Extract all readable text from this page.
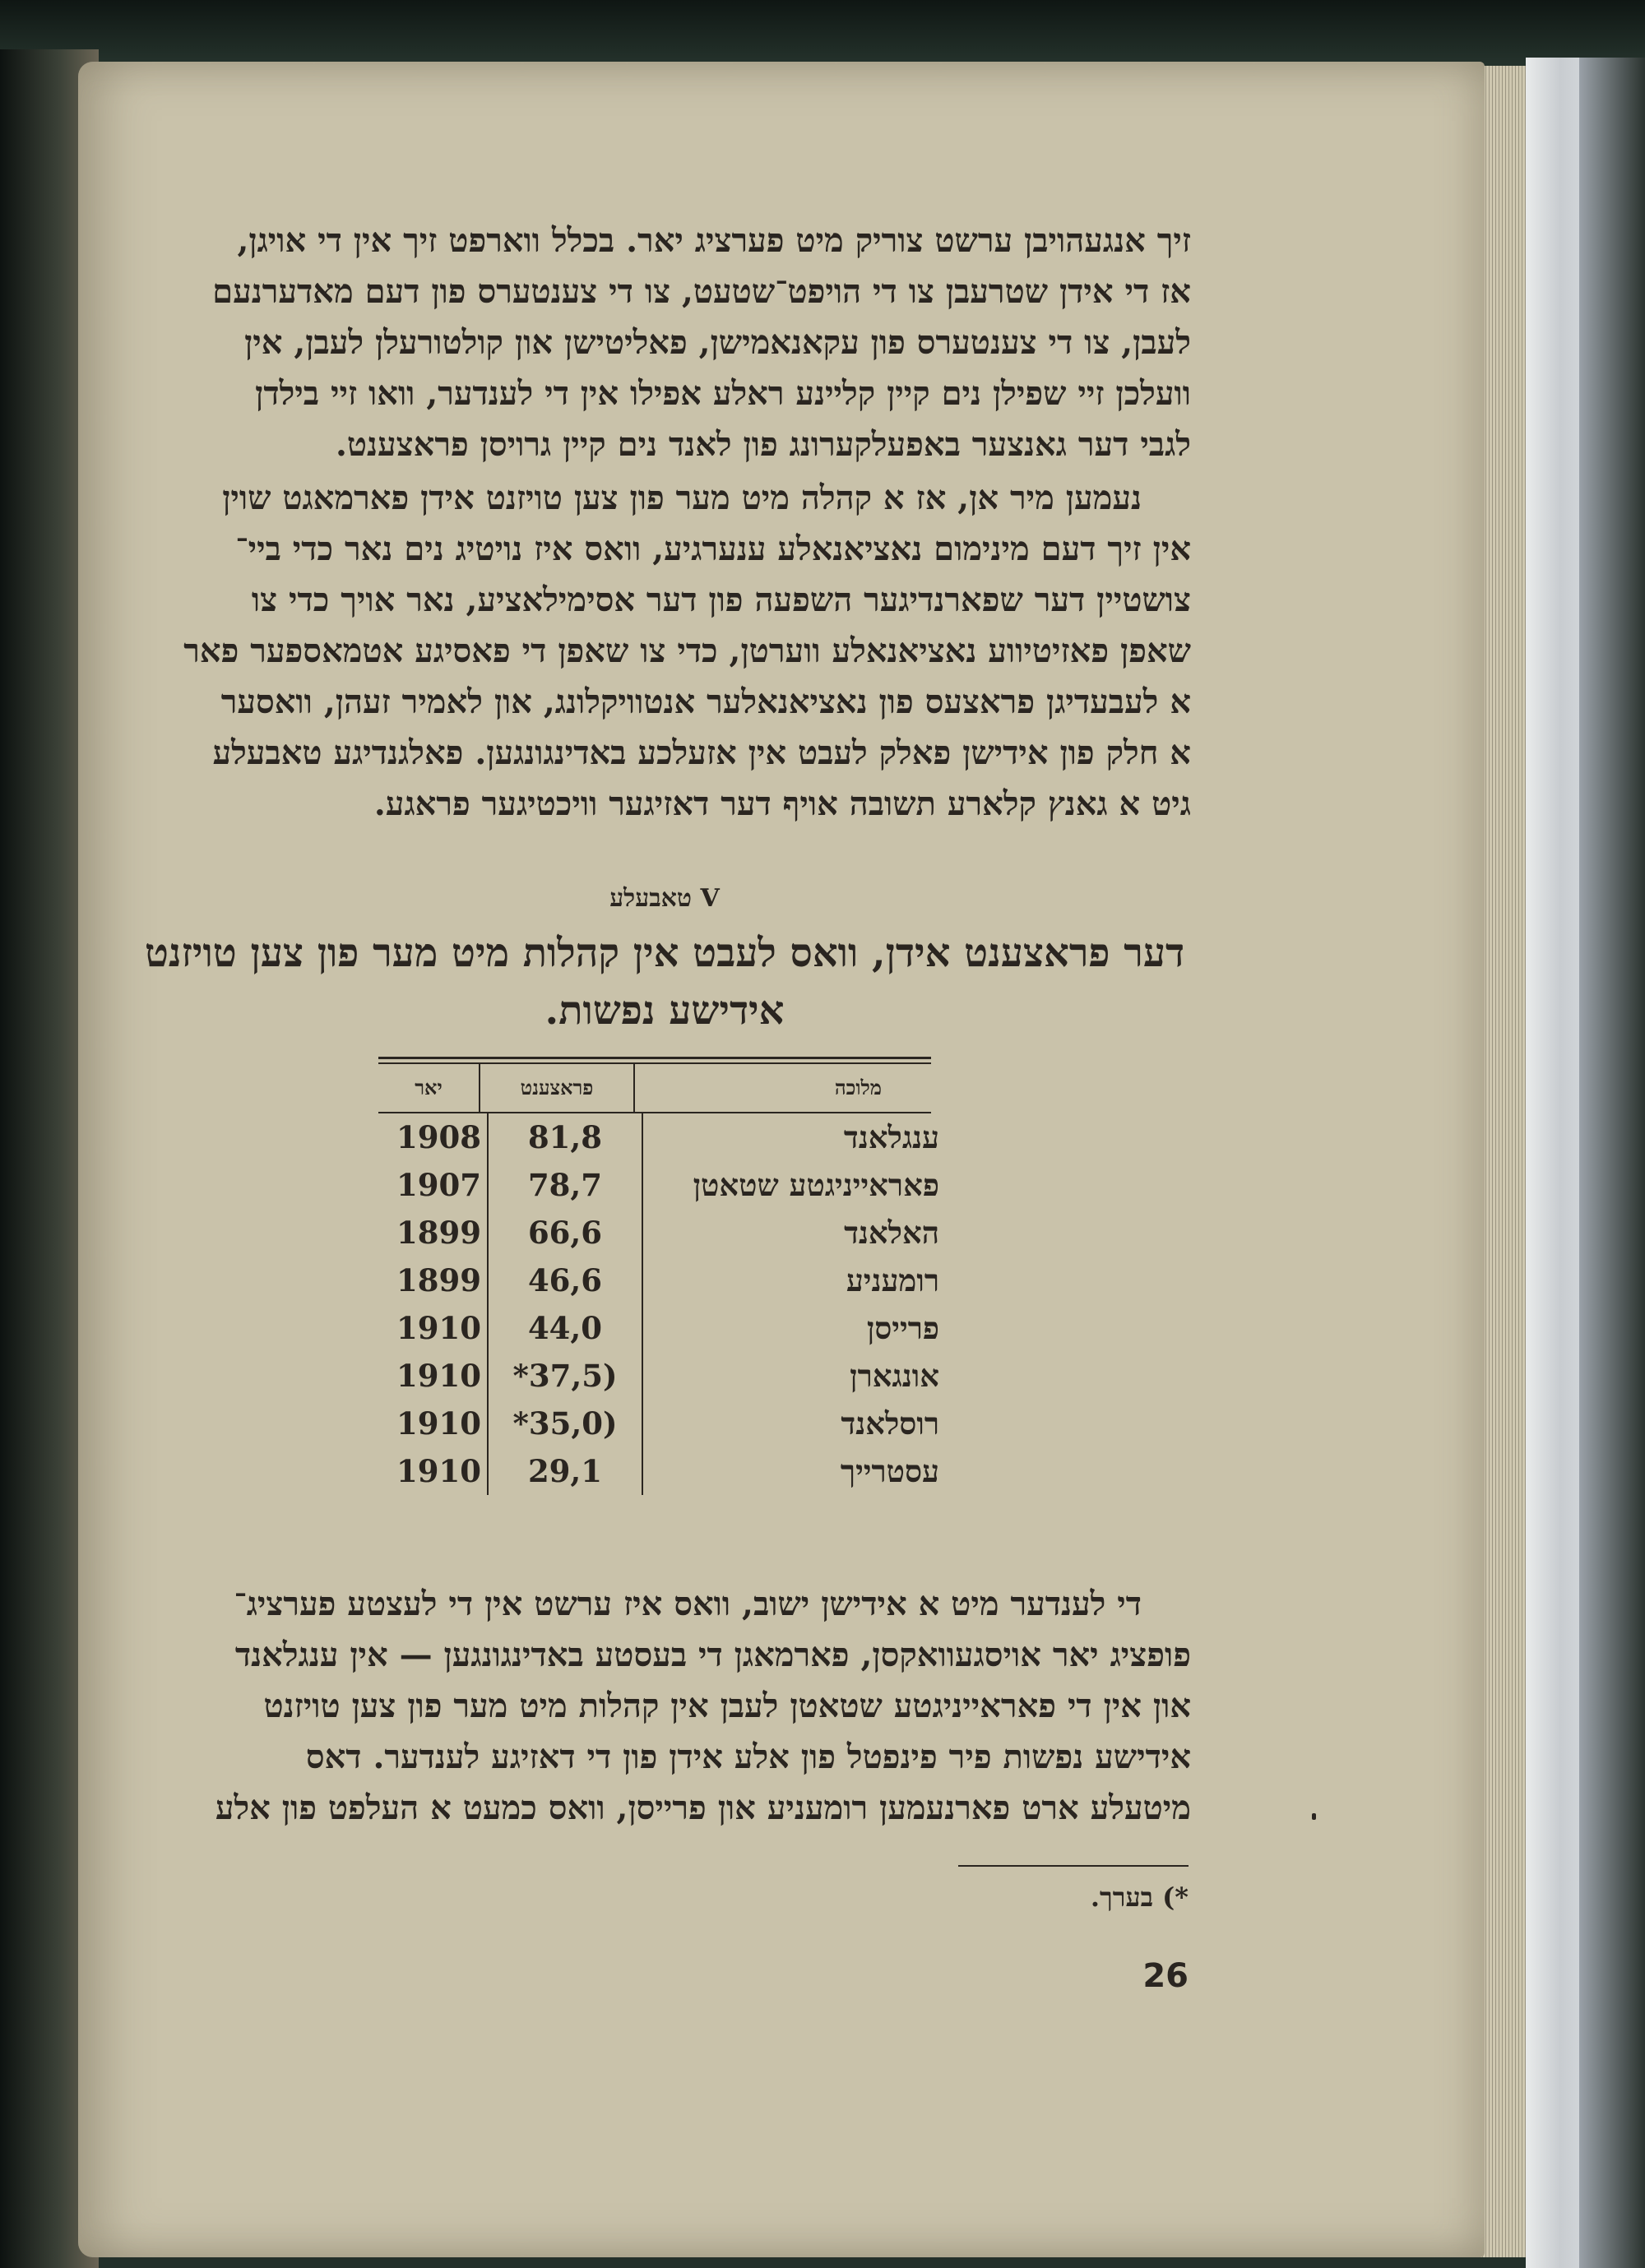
זיך אנגעהויבן ערשט צוריק מיט פערציג יאר. בכלל ווארפט זיך אין די אויגן,

אז די אידן שטרעבן צו די הויפט־שטעט, צו די צענטערס פון דעם מאדערנעם

לעבן, צו די צענטערס פון עקאנאמישן, פאליטישן און קולטורעלן לעבן, אין

וועלכן זיי שפילן נים קיין קליינע ראלע אפילו אין די לענדער, וואו זיי בילדן

לגבי דער גאנצער באפעלקערונג פון לאנד נים קיין גרויסן פראצענט.

נעמען מיר אן, אז א קהלה מיט מער פון צען טויזנט אידן פארמאגט שוין

אין זיך דעם מינימום נאציאנאלע ענערגיע, וואס איז נויטיג נים נאר כדי ביי־

צושטיין דער שפארנדיגער השפעה פון דער אסימילאציע, נאר אויך כדי צו

שאפן פאזיטיווע נאציאנאלע ווערטן, כדי צו שאפן די פאסיגע אטמאספער פאר

א לעבעדיגן פראצעס פון נאציאנאלער אנטוויקלונג, און לאמיר זעהן, וואסער

א חלק פון אידישן פאלק לעבט אין אזעלכע באדינגונגען. פאלגנדיגע טאבעלע

גיט א גאנץ קלארע תשובה אויף דער דאזיגער וויכטיגער פראגע.

טאבעלע V
דער פראצענט אידן, וואס לעבט אין קהלות מיט מער פון צען טויזנט
אידישע נפשות.
מלוכה
פראצענט
יאר
ענגלאנד
81,8
1908
פאראייניגטע שטאטן
78,7
1907
האלאנד
66,6
1899
רומעניע
46,6
1899
פרייסן
44,0
1910
אונגארן
*37,5)
1910
רוסלאנד
*35,0)
1910
עסטרייך
29,1
1910

די לענדער מיט א אידישן ישוב, וואס איז ערשט אין די לעצטע פערציג־

פופציג יאר אויסגעוואקסן, פארמאגן די בעסטע באדינגונגען — אין ענגלאנד

און אין די פאראייניגטע שטאטן לעבן אין קהלות מיט מער פון צען טויזנט

אידישע נפשות פיר פינפטל פון אלע אידן פון די דאזיגע לענדער. דאס

מיטעלע ארט פארנעמען רומעניע און פרייסן, וואס כמעט א העלפט פון אלע

*) בערך.
26
